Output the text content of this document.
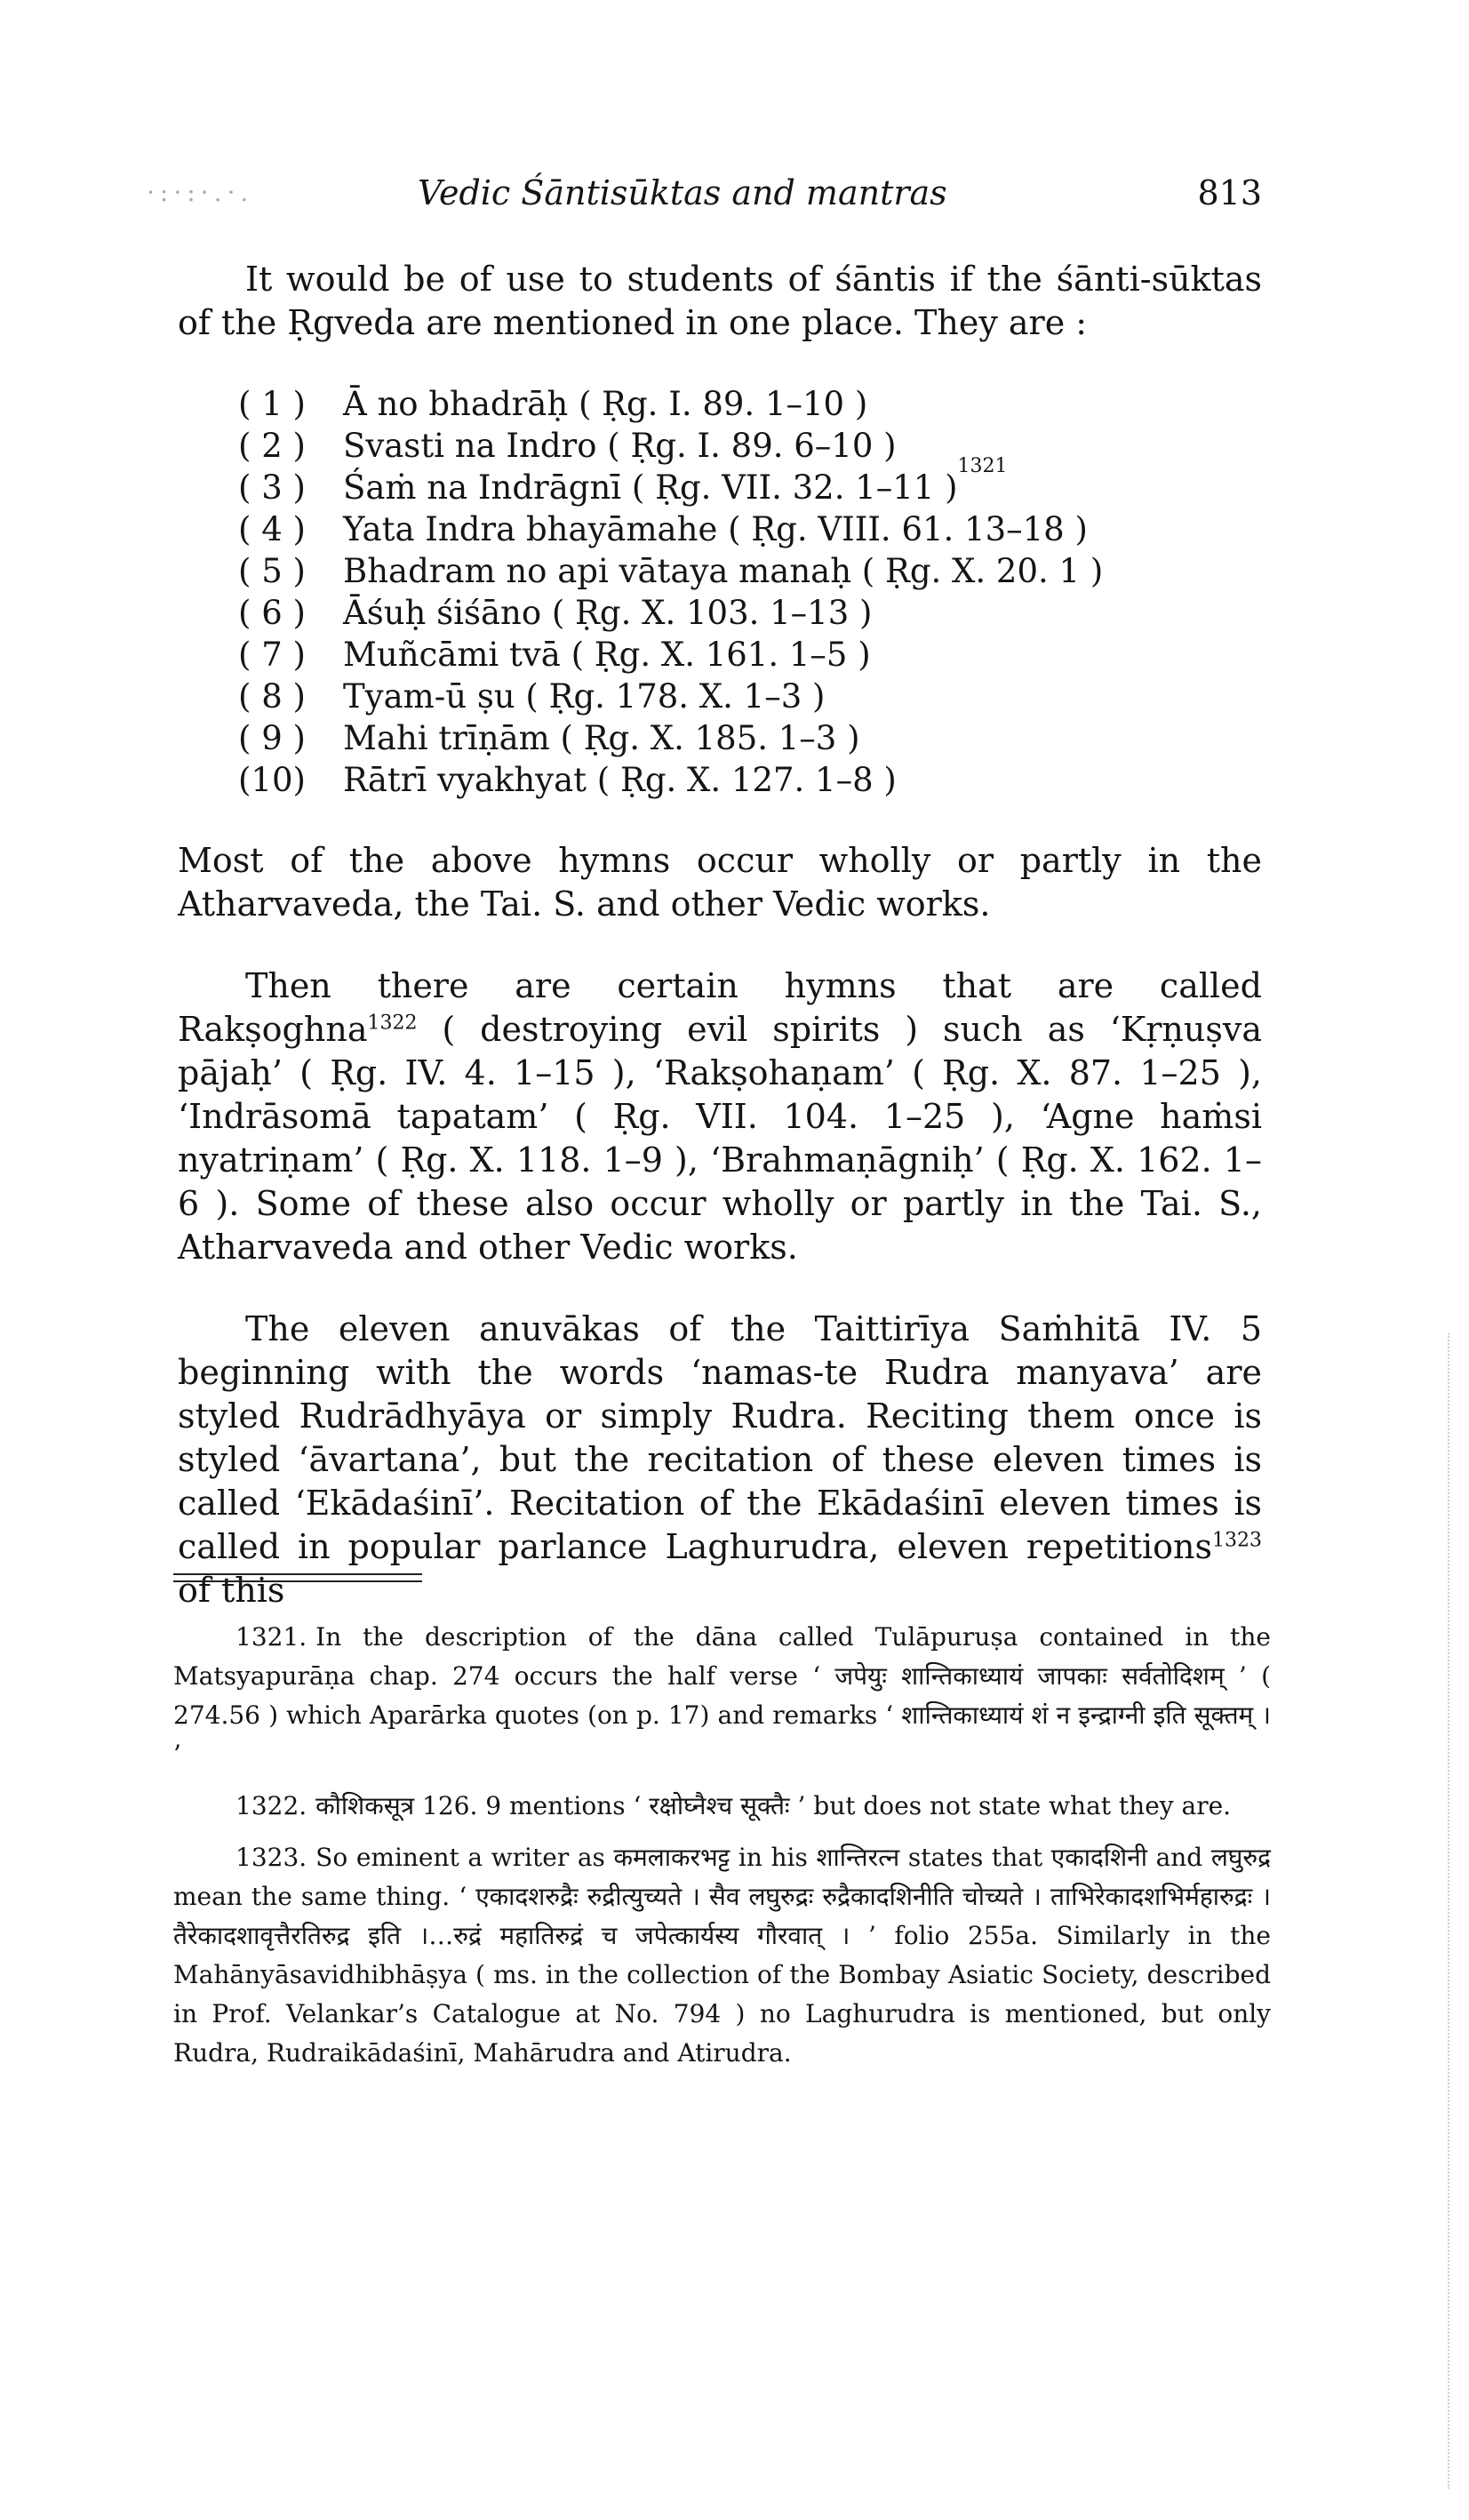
·:·:·.·.	Vedic Śāntisūktas and mantras	813

It would be of use to students of śāntis if the śānti-sūktas of the Ṛgveda are mentioned in one place. They are :

( 1 )	Ā no bhadrāḥ ( Ṛg. I. 89. 1–10 )
( 2 )	Svasti na Indro ( Ṛg. I. 89. 6–10 )
( 3 )	Śaṁ na Indrāgnī ( Ṛg. VII. 32. 1–11 )
1321
( 4 )	Yata Indra bhayāmahe ( Ṛg. VIII. 61. 13–18 )
( 5 )	Bhadram no api vātaya manaḥ ( Ṛg. X. 20. 1 )
( 6 )	Āśuḥ śiśāno ( Ṛg. X. 103. 1–13 )
( 7 )	Muñcāmi tvā ( Ṛg. X. 161. 1–5 )
( 8 )	Tyam-ū ṣu ( Ṛg. 178. X. 1–3 )
( 9 )	Mahi trīṇām ( Ṛg. X. 185. 1–3 )
(10)	Rātrī vyakhyat ( Ṛg. X. 127. 1–8 )

Most of the above hymns occur wholly or partly in the Atharvaveda, the Tai. S. and other Vedic works.

Then there are certain hymns that are called Rakṣoghna$^{1322}$ ( destroying evil spirits ) such as ‘Kṛṇuṣva pājaḥ’ ( Ṛg. IV. 4. 1–15 ), ‘Rakṣohaṇam’ ( Ṛg. X. 87. 1–25 ), ‘Indrāsomā tapatam’ ( Ṛg. VII. 104. 1–25 ), ‘Agne haṁsi nyatriṇam’ ( Ṛg. X. 118. 1–9 ), ‘Brahmaṇāgniḥ’ ( Ṛg. X. 162. 1–6 ). Some of these also occur wholly or partly in the Tai. S., Atharvaveda and other Vedic works.

The eleven anuvākas of the Taittirīya Saṁhitā IV. 5 beginning with the words ‘namas-te Rudra manyava’ are styled Rudrādhyāya or simply Rudra. Reciting them once is styled ‘āvartana’, but the recitation of these eleven times is called ‘Ekādaśinī’. Recitation of the Ekādaśinī eleven times is called in popular parlance Laghurudra, eleven repetitions$^{1323}$ of this

1321. In the description of the dāna called Tulāpuruṣa contained in the Matsyapurāṇa chap. 274 occurs the half verse ‘ जपेयुः शान्तिकाध्यायं जापकाः सर्वतोदिशम् ’ ( 274.56 ) which Aparārka quotes (on p. 17) and remarks ‘ शान्तिकाध्यायं शं न इन्द्राग्नी इति सूक्तम् । ’

1322. कौशिकसूत्र 126. 9 mentions ‘ रक्षोघ्नैश्च सूक्तैः ’ but does not state what they are.

1323. So eminent a writer as कमलाकरभट्ट in his शान्तिरत्न states that एकादशिनी and लघुरुद्र mean the same thing. ‘ एकादशरुद्रैः रुद्रीत्युच्यते । सैव लघुरुद्रः रुद्रैकादशिनीति चोच्यते । ताभिरेकादशभिर्महारुद्रः । तैरेकादशावृत्तैरतिरुद्र इति ।…रुद्रं महातिरुद्रं च जपेत्कार्यस्य गौरवात् । ’ folio 255a. Similarly in the Mahānyāsavidhibhāṣya ( ms. in the collection of the Bombay Asiatic Society, described in Prof. Velankar’s Catalogue at No. 794 ) no Laghurudra is mentioned, but only Rudra, Rudraikādaśinī, Mahārudra and Atirudra.
